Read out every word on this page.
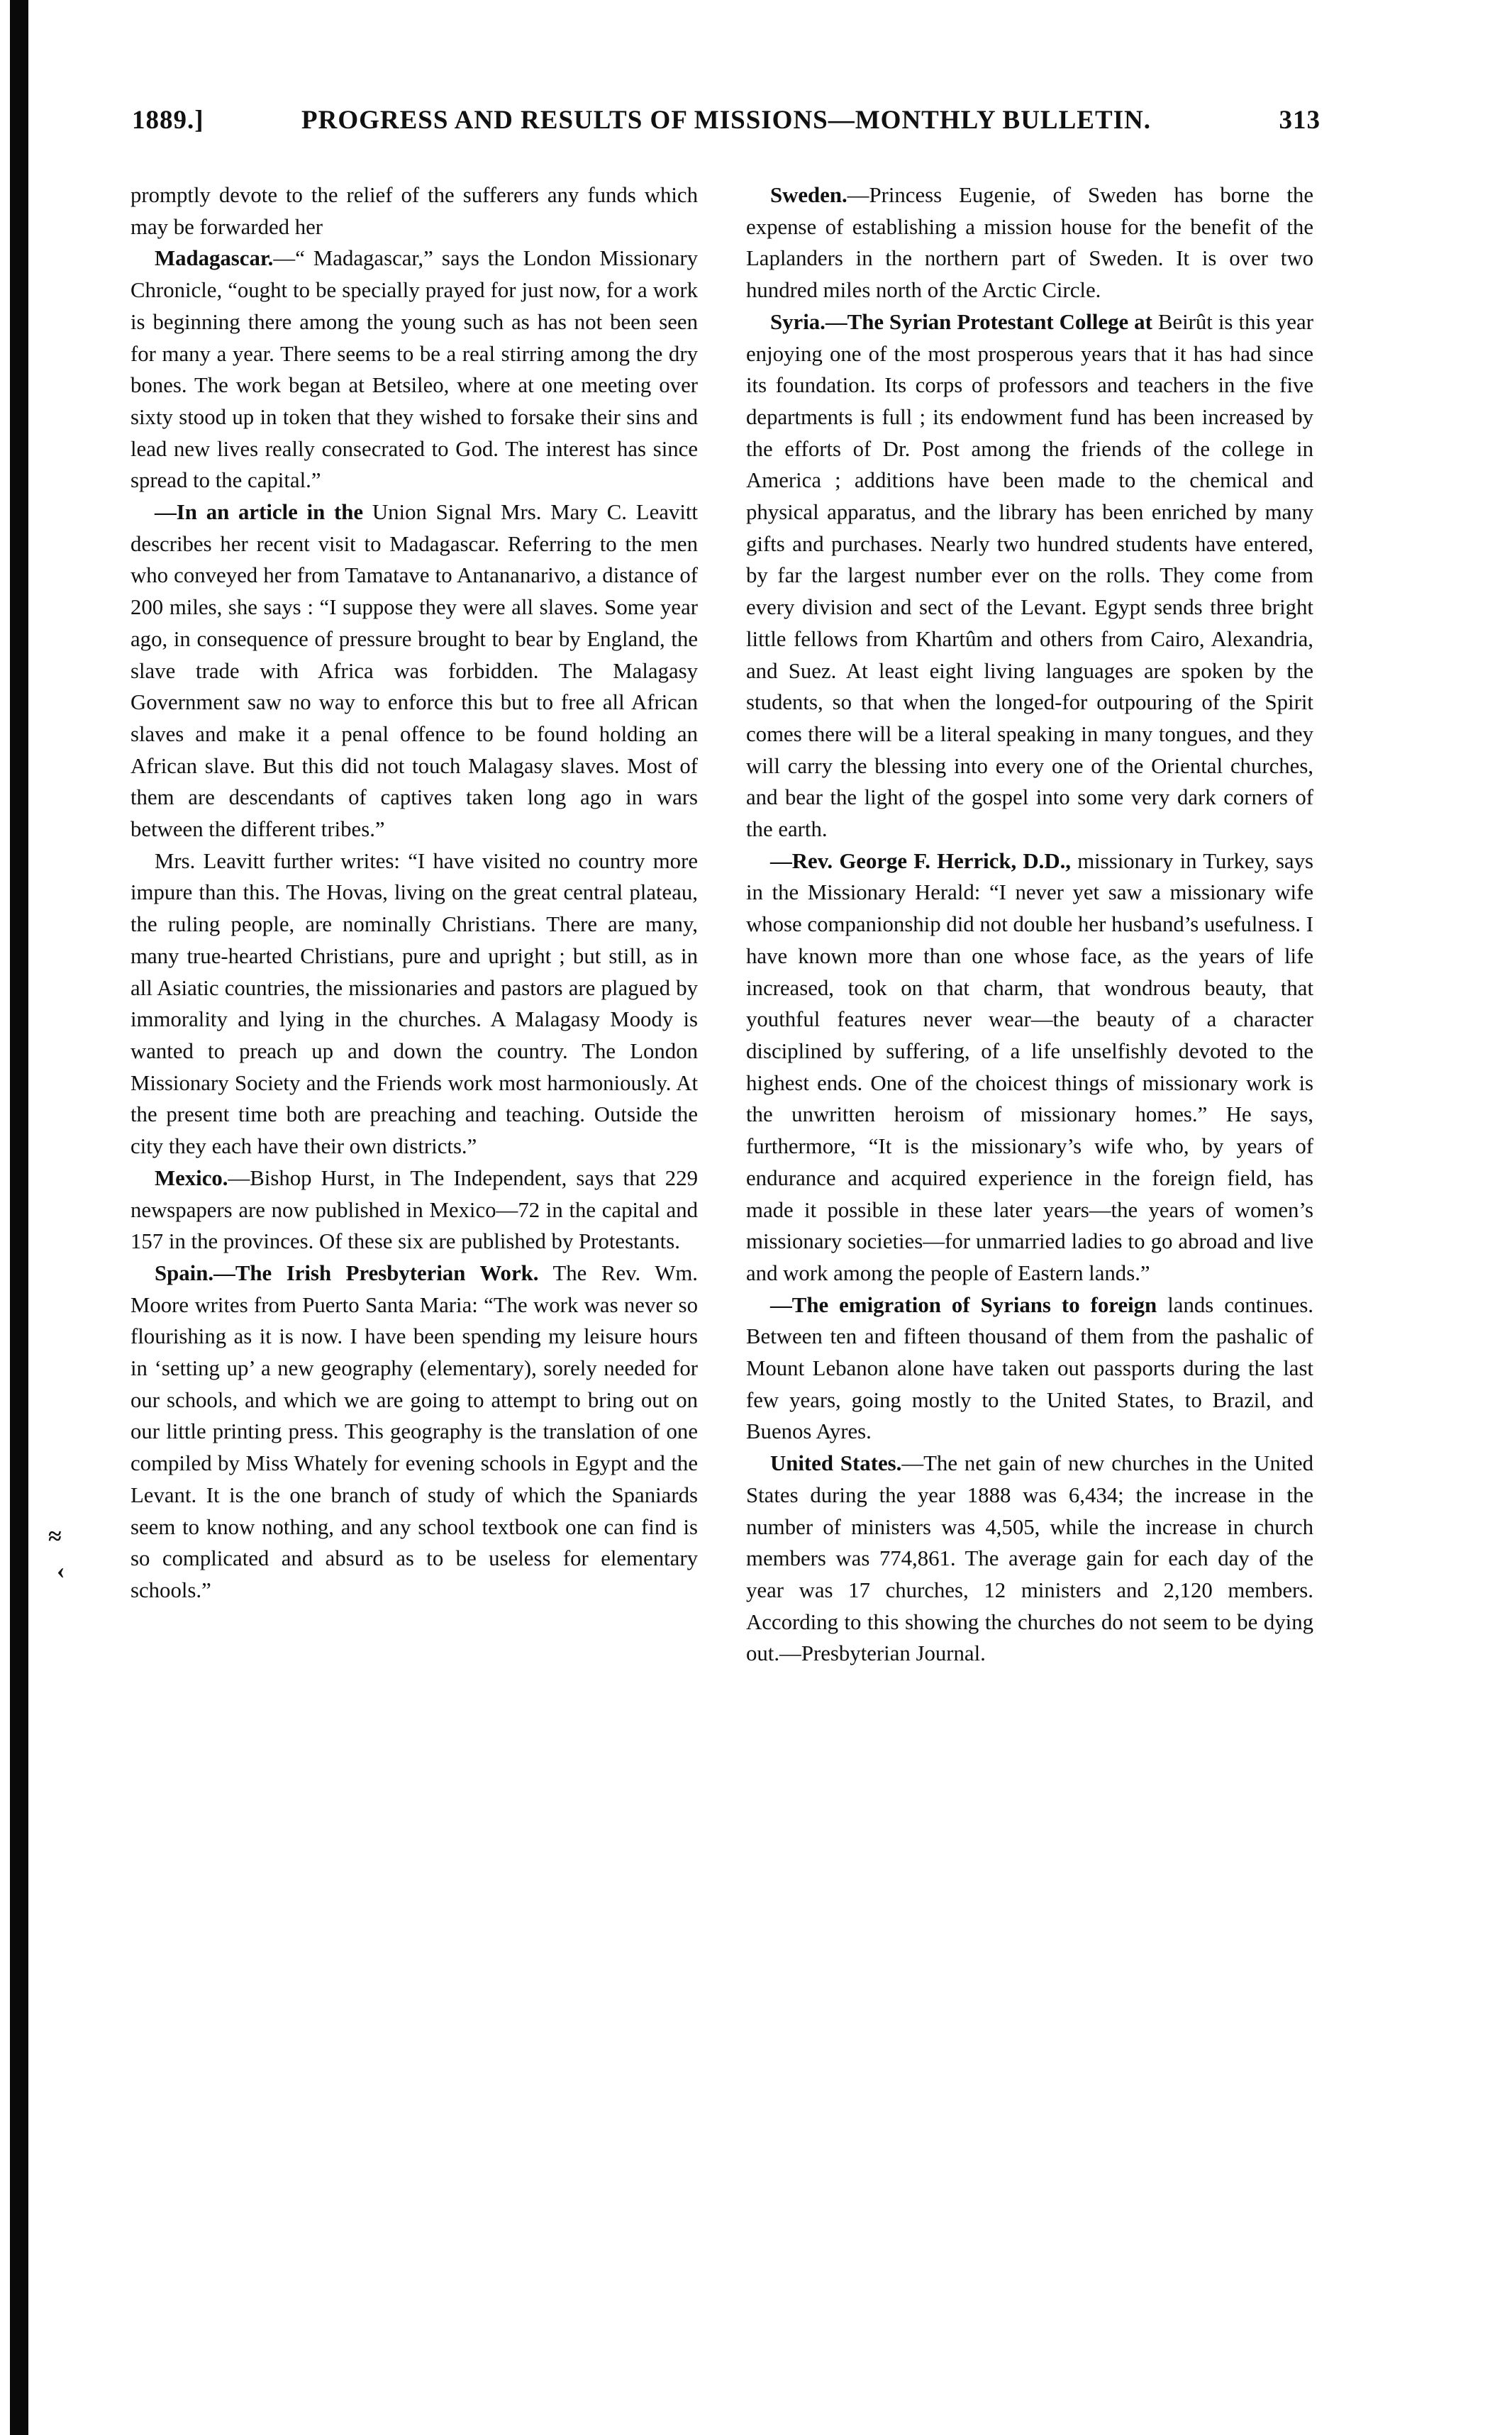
≈
‹
1889.]	PROGRESS AND RESULTS OF MISSIONS—MONTHLY BULLETIN.	313

promptly devote to the relief of the sufferers any funds which may be forwarded her

Madagascar.—“ Madagascar,” says the London Missionary Chronicle, “ought to be specially prayed for just now, for a work is beginning there among the young such as has not been seen for many a year. There seems to be a real stirring among the dry bones. The work began at Betsileo, where at one meeting over sixty stood up in token that they wished to forsake their sins and lead new lives really consecrated to God. The interest has since spread to the capital.”

—In an article in the Union Signal Mrs. Mary C. Leavitt describes her recent visit to Madagascar. Referring to the men who conveyed her from Tamatave to Antananarivo, a distance of 200 miles, she says : “I suppose they were all slaves. Some year ago, in consequence of pressure brought to bear by England, the slave trade with Africa was forbidden. The Malagasy Government saw no way to enforce this but to free all African slaves and make it a penal offence to be found holding an African slave. But this did not touch Malagasy slaves. Most of them are descendants of captives taken long ago in wars between the different tribes.”

Mrs. Leavitt further writes: “I have visited no country more impure than this. The Hovas, living on the great central plateau, the ruling people, are nominally Christians. There are many, many true-hearted Christians, pure and upright ; but still, as in all Asiatic countries, the missionaries and pastors are plagued by immorality and lying in the churches. A Malagasy Moody is wanted to preach up and down the country. The London Missionary Society and the Friends work most harmoniously. At the present time both are preaching and teaching. Outside the city they each have their own districts.”

Mexico.—Bishop Hurst, in The Independent, says that 229 newspapers are now published in Mexico—72 in the capital and 157 in the provinces. Of these six are published by Protestants.

Spain.—The Irish Presbyterian Work. The Rev. Wm. Moore writes from Puerto Santa Maria: “The work was never so flourishing as it is now. I have been spending my leisure hours in ‘setting up’ a new geography (elementary), sorely needed for our schools, and which we are going to attempt to bring out on our little printing press. This geography is the translation of one compiled by Miss Whately for evening schools in Egypt and the Levant. It is the one branch of study of which the Spaniards seem to know nothing, and any school textbook one can find is so complicated and absurd as to be useless for elementary schools.”

Sweden.—Princess Eugenie, of Sweden has borne the expense of establishing a mission house for the benefit of the Laplanders in the northern part of Sweden. It is over two hundred miles north of the Arctic Circle.

Syria.—The Syrian Protestant College at Beirût is this year enjoying one of the most prosperous years that it has had since its foundation. Its corps of professors and teachers in the five departments is full ; its endowment fund has been increased by the efforts of Dr. Post among the friends of the college in America ; additions have been made to the chemical and physical apparatus, and the library has been enriched by many gifts and purchases. Nearly two hundred students have entered, by far the largest number ever on the rolls. They come from every division and sect of the Levant. Egypt sends three bright little fellows from Khartûm and others from Cairo, Alexandria, and Suez. At least eight living languages are spoken by the students, so that when the longed-for outpouring of the Spirit comes there will be a literal speaking in many tongues, and they will carry the blessing into every one of the Oriental churches, and bear the light of the gospel into some very dark corners of the earth.

—Rev. George F. Herrick, D.D., missionary in Turkey, says in the Missionary Herald: “I never yet saw a missionary wife whose companionship did not double her husband’s usefulness. I have known more than one whose face, as the years of life increased, took on that charm, that wondrous beauty, that youthful features never wear—the beauty of a character disciplined by suffering, of a life unselfishly devoted to the highest ends. One of the choicest things of missionary work is the unwritten heroism of missionary homes.” He says, furthermore, “It is the missionary’s wife who, by years of endurance and acquired experience in the foreign field, has made it possible in these later years—the years of women’s missionary societies—for unmarried ladies to go abroad and live and work among the people of Eastern lands.”

—The emigration of Syrians to foreign lands continues. Between ten and fifteen thousand of them from the pashalic of Mount Lebanon alone have taken out passports during the last few years, going mostly to the United States, to Brazil, and Buenos Ayres.

United States.—The net gain of new churches in the United States during the year 1888 was 6,434; the increase in the number of ministers was 4,505, while the increase in church members was 774,861. The average gain for each day of the year was 17 churches, 12 ministers and 2,120 members. According to this showing the churches do not seem to be dying out.—Presbyterian Journal.
